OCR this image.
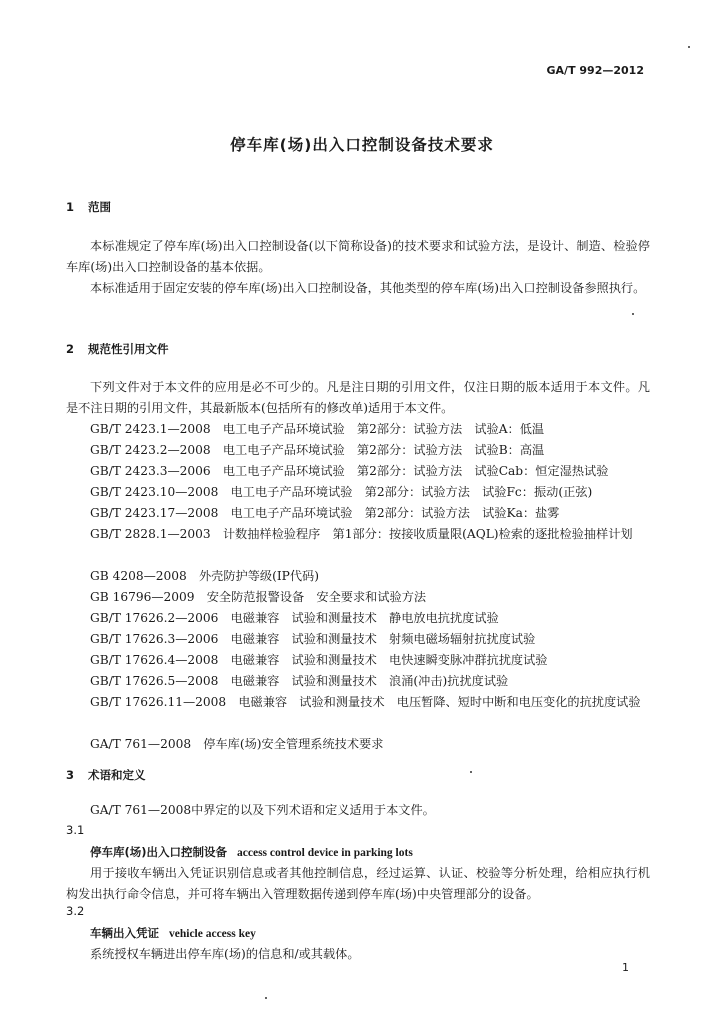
GA/T 992—2012
停车库(场)出入口控制设备技术要求
1 范围
本标准规定了停车库(场)出入口控制设备(以下简称设备)的技术要求和试验方法，是设计、制造、检验停车库(场)出入口控制设备的基本依据。
本标准适用于固定安装的停车库(场)出入口控制设备，其他类型的停车库(场)出入口控制设备参照执行。
2 规范性引用文件
下列文件对于本文件的应用是必不可少的。凡是注日期的引用文件，仅注日期的版本适用于本文件。凡是不注日期的引用文件，其最新版本(包括所有的修改单)适用于本文件。
GB/T 2423.1—2008　电工电子产品环境试验　第2部分：试验方法　试验A：低温
GB/T 2423.2—2008　电工电子产品环境试验　第2部分：试验方法　试验B：高温
GB/T 2423.3—2006　电工电子产品环境试验　第2部分：试验方法　试验Cab：恒定湿热试验
GB/T 2423.10—2008　电工电子产品环境试验　第2部分：试验方法　试验Fc：振动(正弦)
GB/T 2423.17—2008　电工电子产品环境试验　第2部分：试验方法　试验Ka：盐雾
GB/T 2828.1—2003　计数抽样检验程序　第1部分：按接收质量限(AQL)检索的逐批检验抽样计划
GB 4208—2008　外壳防护等级(IP代码)
GB 16796—2009　安全防范报警设备　安全要求和试验方法
GB/T 17626.2—2006　电磁兼容　试验和测量技术　静电放电抗扰度试验
GB/T 17626.3—2006　电磁兼容　试验和测量技术　射频电磁场辐射抗扰度试验
GB/T 17626.4—2008　电磁兼容　试验和测量技术　电快速瞬变脉冲群抗扰度试验
GB/T 17626.5—2008　电磁兼容　试验和测量技术　浪涌(冲击)抗扰度试验
GB/T 17626.11—2008　电磁兼容　试验和测量技术　电压暂降、短时中断和电压变化的抗扰度试验
GA/T 761—2008　停车库(场)安全管理系统技术要求
3 术语和定义
GA/T 761—2008中界定的以及下列术语和定义适用于本文件。
3.1
停车库(场)出入口控制设备 access control device in parking lots
用于接收车辆出入凭证识别信息或者其他控制信息，经过运算、认证、校验等分析处理，给相应执行机构发出执行命令信息，并可将车辆出入管理数据传递到停车库(场)中央管理部分的设备。
3.2
车辆出入凭证 vehicle access key
系统授权车辆进出停车库(场)的信息和/或其载体。
1
